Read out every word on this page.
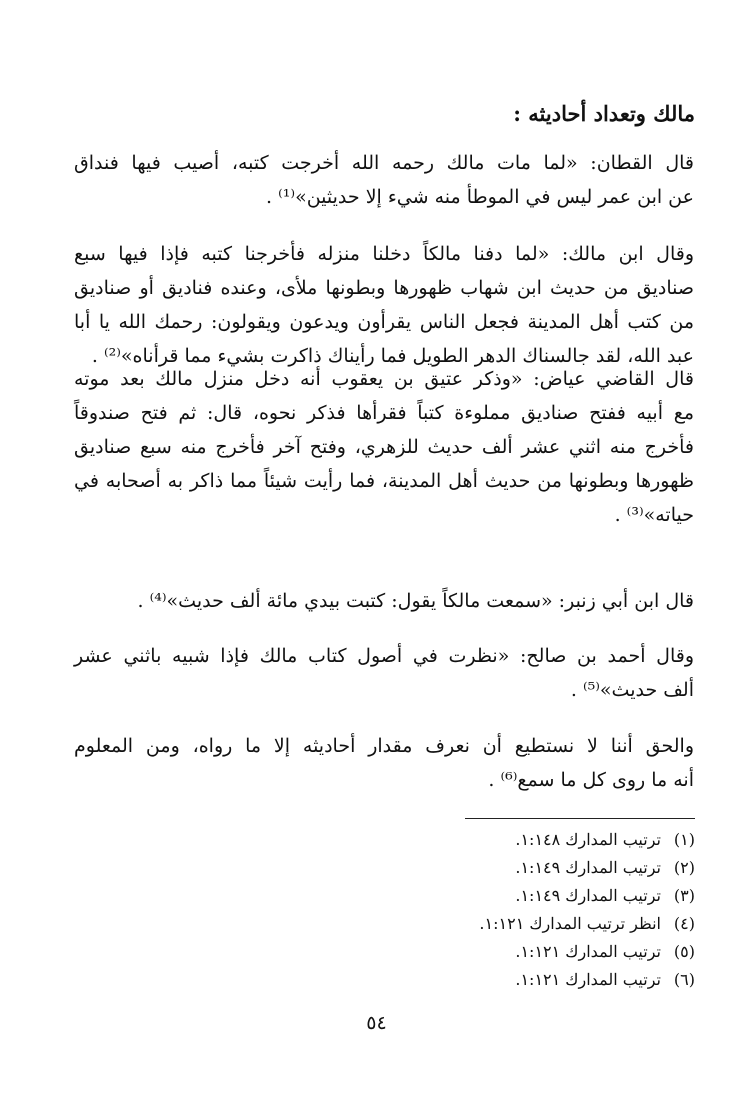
مالك وتعداد أحاديثه :
قال القطان: «لما مات مالك رحمه الله أخرجت كتبه، أصيب فيها فنداق
عن ابن عمر ليس في الموطأ منه شيء إلا حديثين»⁽¹⁾ .
وقال ابن مالك: «لما دفنا مالكاً دخلنا منزله فأخرجنا كتبه فإذا فيها سبع
صناديق من حديث ابن شهاب ظهورها وبطونها ملأى، وعنده فناديق أو صناديق
من كتب أهل المدينة فجعل الناس يقرأون ويدعون ويقولون: رحمك الله يا أبا
عبد الله، لقد جالسناك الدهر الطويل فما رأيناك ذاكرت بشيء مما قرأناه»⁽²⁾ .
قال القاضي عياض: «وذكر عتيق بن يعقوب أنه دخل منزل مالك بعد موته
مع أبيه ففتح صناديق مملوءة كتباً فقرأها فذكر نحوه، قال: ثم فتح صندوقاً
فأخرج منه اثني عشر ألف حديث للزهري، وفتح آخر فأخرج منه سبع صناديق
ظهورها وبطونها من حديث أهل المدينة، فما رأيت شيئاً مما ذاكر به أصحابه في
حياته»⁽³⁾ .
قال ابن أبي زنبر: «سمعت مالكاً يقول: كتبت بيدي مائة ألف حديث»⁽⁴⁾ .
وقال أحمد بن صالح: «نظرت في أصول كتاب مالك فإذا شبيه باثني عشر
ألف حديث»⁽⁵⁾ .
والحق أننا لا نستطيع أن نعرف مقدار أحاديثه إلا ما رواه، ومن المعلوم
أنه ما روى كل ما سمع⁽⁶⁾ .
(١)ترتيب المدارك ١:١٤٨.
(٢)ترتيب المدارك ١:١٤٩.
(٣)ترتيب المدارك ١:١٤٩.
(٤)انظر ترتيب المدارك ١:١٢١.
(٥)ترتيب المدارك ١:١٢١.
(٦)ترتيب المدارك ١:١٢١.
٥٤
